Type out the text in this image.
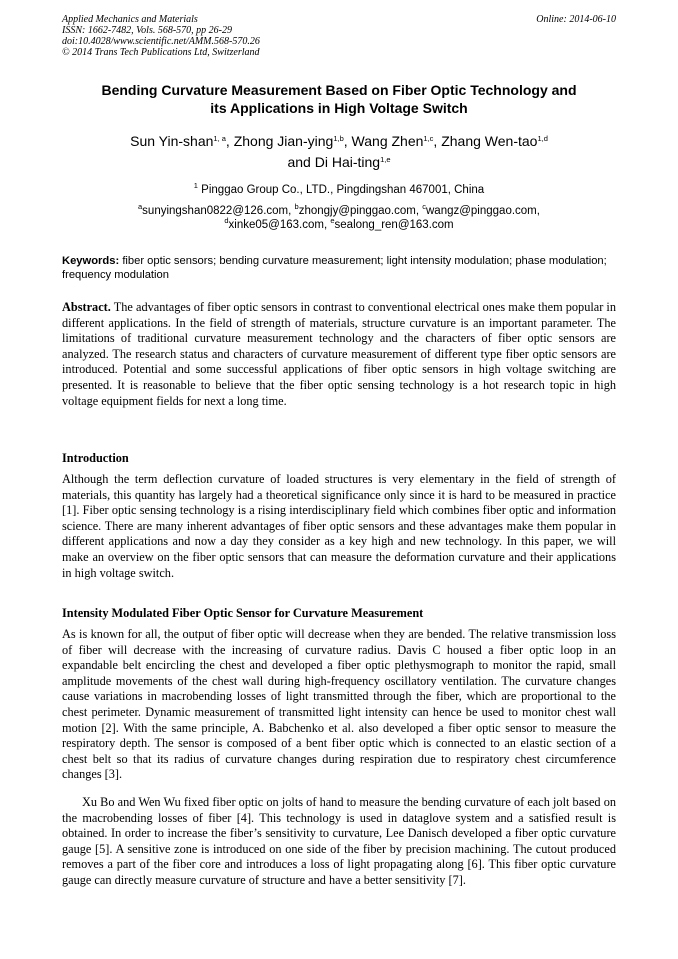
Applied Mechanics and Materials
ISSN: 1662-7482, Vols. 568-570, pp 26-29
doi:10.4028/www.scientific.net/AMM.568-570.26
© 2014 Trans Tech Publications Ltd, Switzerland
Online: 2014-06-10
Bending Curvature Measurement Based on Fiber Optic Technology and
its Applications in High Voltage Switch
Sun Yin-shan$^{1, a}$, Zhong Jian-ying$^{1,b}$, Wang Zhen$^{1,c}$, Zhang Wen-tao$^{1,d}$
and Di Hai-ting$^{1,e}$
$^1$ Pinggao Group Co., LTD., Pingdingshan 467001, China
$^a$sunyingshan0822@126.com, $^b$zhongjy@pinggao.com, $^c$wangz@pinggao.com,
$^d$xinke05@163.com, $^e$sealong_ren@163.com
Keywords: fiber optic sensors; bending curvature measurement; light intensity modulation; phase modulation; frequency modulation
Abstract. The advantages of fiber optic sensors in contrast to conventional electrical ones make them popular in different applications. In the field of strength of materials, structure curvature is an important parameter. The limitations of traditional curvature measurement technology and the characters of fiber optic sensors are analyzed. The research status and characters of curvature measurement of different type fiber optic sensors are introduced. Potential and some successful applications of fiber optic sensors in high voltage switching are presented. It is reasonable to believe that the fiber optic sensing technology is a hot research topic in high voltage equipment fields for next a long time.
Introduction
Although the term deflection curvature of loaded structures is very elementary in the field of strength of materials, this quantity has largely had a theoretical significance only since it is hard to be measured in practice [1]. Fiber optic sensing technology is a rising interdisciplinary field which combines fiber optic and information science. There are many inherent advantages of fiber optic sensors and these advantages make them popular in different applications and now a day they consider as a key high and new technology. In this paper, we will make an overview on the fiber optic sensors that can measure the deformation curvature and their applications in high voltage switch.
Intensity Modulated Fiber Optic Sensor for Curvature Measurement
As is known for all, the output of fiber optic will decrease when they are bended. The relative transmission loss of fiber will decrease with the increasing of curvature radius. Davis C housed a fiber optic loop in an expandable belt encircling the chest and developed a fiber optic plethysmograph to monitor the rapid, small amplitude movements of the chest wall during high-frequency oscillatory ventilation. The curvature changes cause variations in macrobending losses of light transmitted through the fiber, which are proportional to the chest perimeter. Dynamic measurement of transmitted light intensity can hence be used to monitor chest wall motion [2]. With the same principle, A. Babchenko et al. also developed a fiber optic sensor to measure the respiratory depth. The sensor is composed of a bent fiber optic which is connected to an elastic section of a chest belt so that its radius of curvature changes during respiration due to respiratory chest circumference changes [3].
Xu Bo and Wen Wu fixed fiber optic on jolts of hand to measure the bending curvature of each jolt based on the macrobending losses of fiber [4]. This technology is used in dataglove system and a satisfied result is obtained. In order to increase the fiber’s sensitivity to curvature, Lee Danisch developed a fiber optic curvature gauge [5]. A sensitive zone is introduced on one side of the fiber by precision machining. The cutout produced removes a part of the fiber core and introduces a loss of light propagating along [6]. This fiber optic curvature gauge can directly measure curvature of structure and have a better sensitivity [7].
